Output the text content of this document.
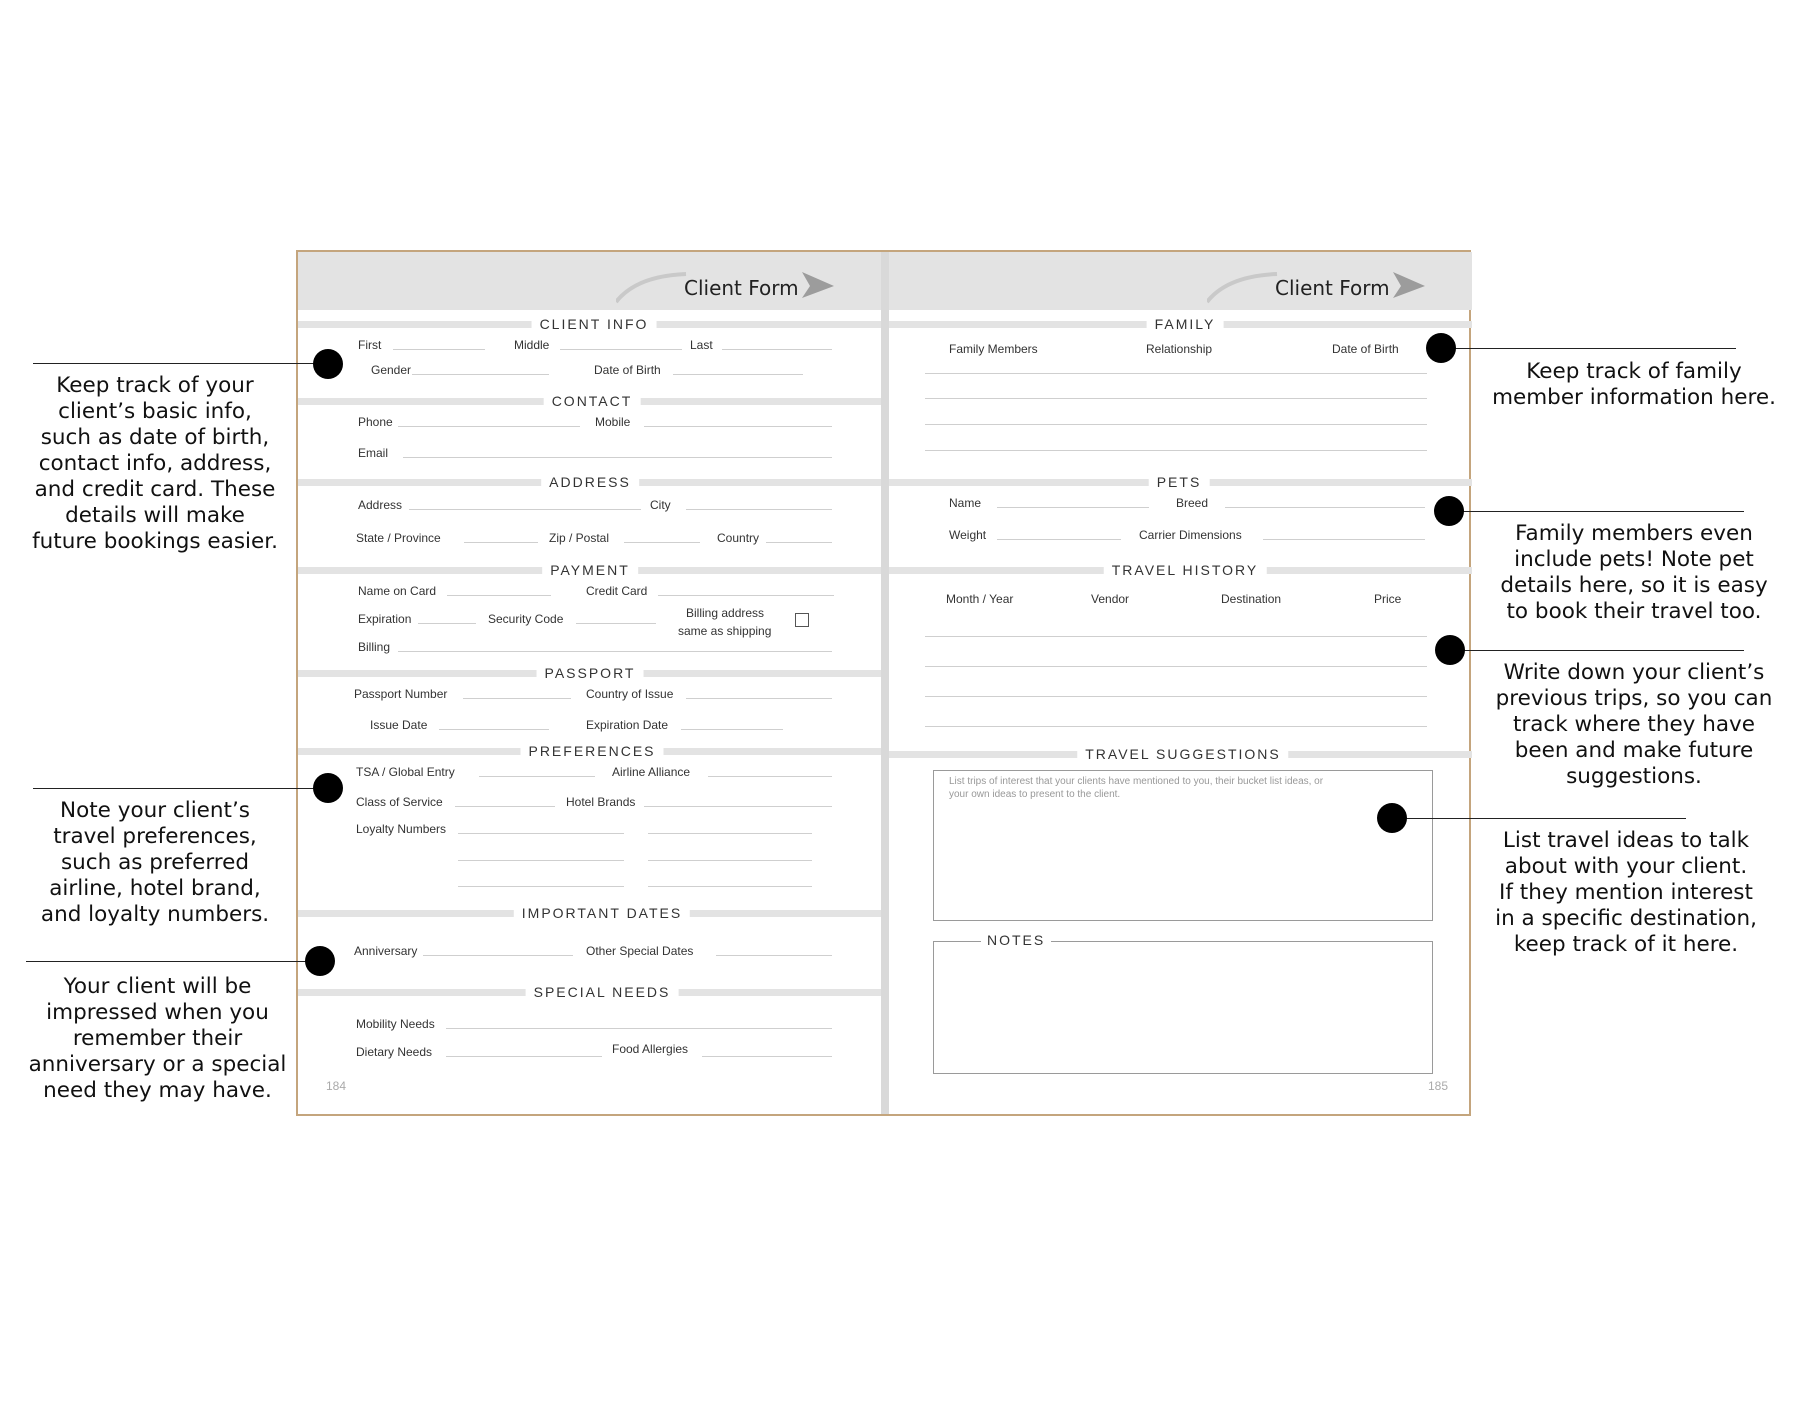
Client Form
CLIENT INFO
First	Middle	Last
Gender	Date of Birth
CONTACT
Phone	Mobile
Email
ADDRESS
Address	City
State / Province	Zip / Postal	Country
PAYMENT
Name on Card	Credit Card
Expiration	Security Code	Billing address
same as shipping
Billing
PASSPORT
Passport Number	Country of Issue
Issue Date	Expiration Date
PREFERENCES
TSA / Global Entry	Airline Alliance
Class of Service	Hotel Brands
Loyalty Numbers
IMPORTANT DATES
Anniversary	Other Special Dates
SPECIAL NEEDS
Mobility Needs
Dietary Needs	Food Allergies
184
Client Form
FAMILY
Family Members	Relationship	Date of Birth
PETS
Name	Breed
Weight	Carrier Dimensions
TRAVEL HISTORY
Month / Year	Vendor	Destination	Price
TRAVEL SUGGESTIONS
List trips of interest that your clients have mentioned to you, their bucket list ideas, or
your own ideas to present to the client.
NOTES
185
Keep track of your
client’s basic info,
such as date of birth,
contact info, address,
and credit card. These
details will make
future bookings easier.
Note your client’s
travel preferences,
such as preferred
airline, hotel brand,
and loyalty numbers.
Your client will be
impressed when you
remember their
anniversary or a special
need they may have.
Keep track of family
member information here.
Family members even
include pets! Note pet
details here, so it is easy
to book their travel too.
Write down your client’s
previous trips, so you can
track where they have
been and make future
suggestions.
List travel ideas to talk
about with your client.
If they mention interest
in a specific destination,
keep track of it here.
